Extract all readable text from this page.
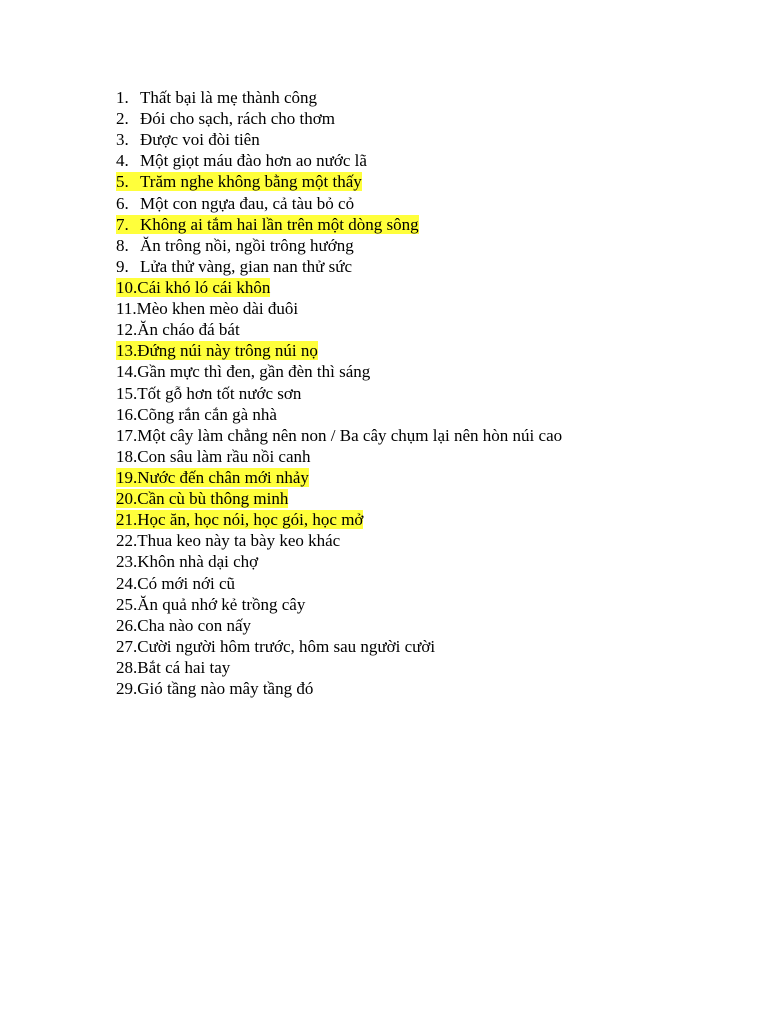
1. Thất bại là mẹ thành công
2. Đói cho sạch, rách cho thơm
3. Được voi đòi tiên
4. Một giọt máu đào hơn ao nước lã
5. Trăm nghe không bằng một thấy
6. Một con ngựa đau, cả tàu bỏ cỏ
7. Không ai tắm hai lần trên một dòng sông
8. Ăn trông nồi, ngồi trông hướng
9. Lửa thử vàng, gian nan thử sức
10. Cái khó ló cái khôn
11. Mèo khen mèo dài đuôi
12. Ăn cháo đá bát
13. Đứng núi này trông núi nọ
14. Gần mực thì đen, gần đèn thì sáng
15. Tốt gỗ hơn tốt nước sơn
16. Cõng rắn cắn gà nhà
17. Một cây làm chẳng nên non / Ba cây chụm lại nên hòn núi cao
18. Con sâu làm rầu nồi canh
19. Nước đến chân mới nhảy
20. Cần cù bù thông minh
21. Học ăn, học nói, học gói, học mở
22. Thua keo này ta bày keo khác
23. Khôn nhà dại chợ
24. Có mới nới cũ
25. Ăn quả nhớ kẻ trồng cây
26. Cha nào con nấy
27. Cười người hôm trước, hôm sau người cười
28. Bắt cá hai tay
29. Gió tầng nào mây tầng đó
